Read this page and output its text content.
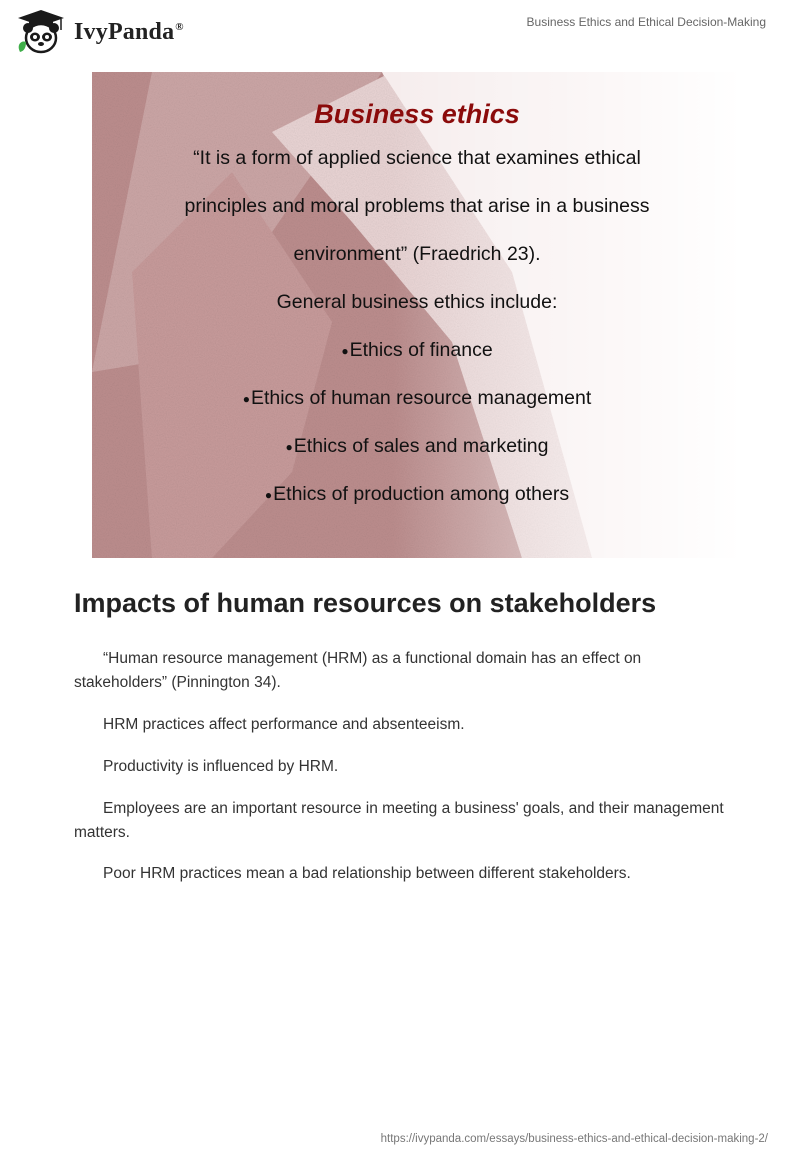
IvyPanda®	Business Ethics and Ethical Decision-Making
Business ethics
“It is a form of applied science that examines ethical
principles and moral problems that arise in a business
environment” (Fraedrich 23).
General business ethics include:
●Ethics of finance
●Ethics of human resource management
●Ethics of sales and marketing
●Ethics of production among others
Impacts of human resources on stakeholders

“Human resource management (HRM) as a functional domain has an effect on stakeholders” (Pinnington 34).

HRM practices affect performance and absenteeism.

Productivity is influenced by HRM.

Employees are an important resource in meeting a business' goals, and their management matters.

Poor HRM practices mean a bad relationship between different stakeholders.

https://ivypanda.com/essays/business-ethics-and-ethical-decision-making-2/
